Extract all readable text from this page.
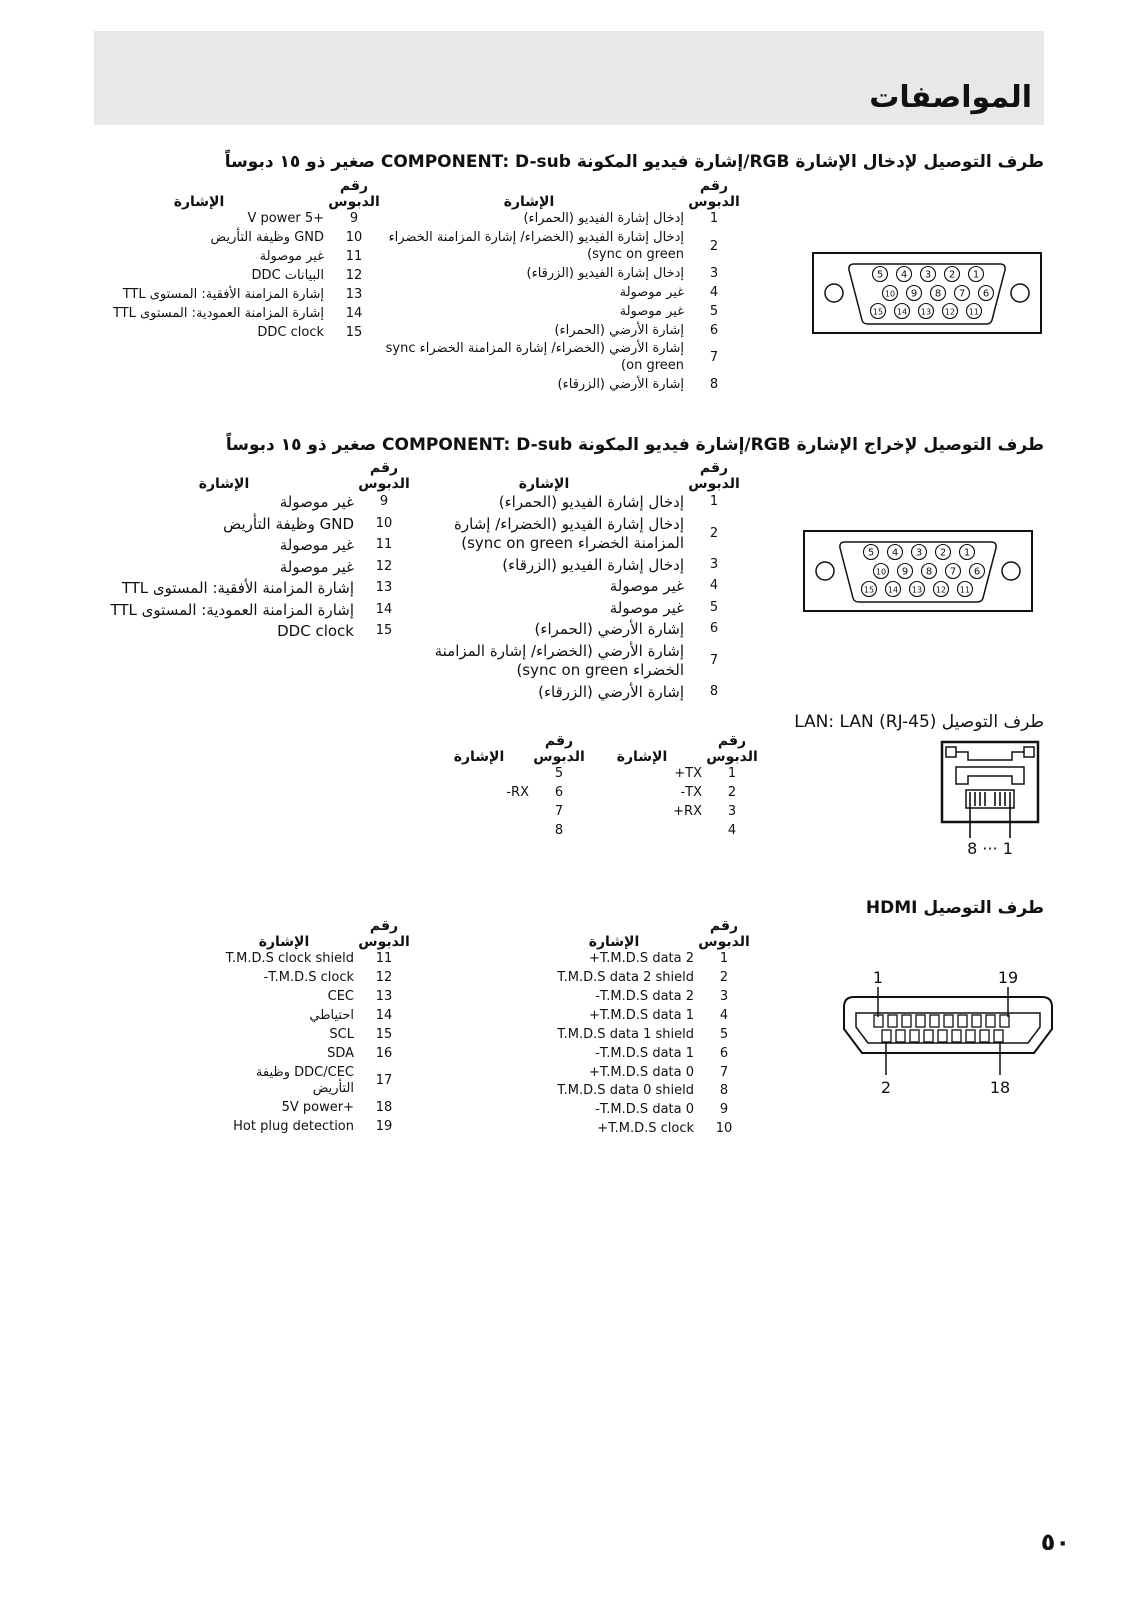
المواصفات
طرف التوصيل لإدخال الإشارة RGB/إشارة فيديو المكونة COMPONENT: D-sub صغير ذو ١٥ دبوساً
رقم
الدبوس	الإشارة
1	إدخال إشارة الفيديو (الحمراء)
2	إدخال إشارة الفيديو (الخضراء/ إشارة المزامنة الخضراء sync on green)
3	إدخال إشارة الفيديو (الزرقاء)
4	غير موصولة
5	غير موصولة
6	إشارة الأرضي (الحمراء)
7	إشارة الأرضي (الخضراء/ إشارة المزامنة الخضراء sync on green)
8	إشارة الأرضي (الزرقاء)
رقم
الدبوس	الإشارة
9	+5 V power
10	GND وظيفة التأريض
11	غير موصولة
12	البيانات DDC
13	إشارة المزامنة الأفقية: المستوى TTL
14	إشارة المزامنة العمودية: المستوى TTL
15	DDC clock
5 4 3 2 1
10 9 8 7 6
15 14 13 12 11
طرف التوصيل لإخراج الإشارة RGB/إشارة فيديو المكونة COMPONENT: D-sub صغير ذو ١٥ دبوساً
رقم
الدبوس	الإشارة
1	إدخال إشارة الفيديو (الحمراء)
2	إدخال إشارة الفيديو (الخضراء/ إشارة المزامنة الخضراء sync on green)
3	إدخال إشارة الفيديو (الزرقاء)
4	غير موصولة
5	غير موصولة
6	إشارة الأرضي (الحمراء)
7	إشارة الأرضي (الخضراء/ إشارة المزامنة الخضراء sync on green)
8	إشارة الأرضي (الزرقاء)
رقم
الدبوس	الإشارة
9	غير موصولة
10	GND وظيفة التأريض
11	غير موصولة
12	غير موصولة
13	إشارة المزامنة الأفقية: المستوى TTL
14	إشارة المزامنة العمودية: المستوى TTL
15	DDC clock
5 4 3 2 1
10 9 8 7 6
15 14 13 12 11
طرف التوصيل LAN: LAN (RJ-45)
رقم
الدبوس	الإشارة
1	TX+
2	TX-
3	RX+
4	
رقم
الدبوس	الإشارة
5	
6	RX-
7	
8	
8 ··· 1
طرف التوصيل HDMI
رقم
الدبوس	الإشارة
1	T.M.D.S data 2+
2	T.M.D.S data 2 shield
3	T.M.D.S data 2-
4	T.M.D.S data 1+
5	T.M.D.S data 1 shield
6	T.M.D.S data 1-
7	T.M.D.S data 0+
8	T.M.D.S data 0 shield
9	T.M.D.S data 0-
10	T.M.D.S clock+
رقم
الدبوس	الإشارة
11	T.M.D.S clock shield
12	T.M.D.S clock-
13	CEC
14	احتياطي
15	SCL
16	SDA
17	DDC/CEC وظيفة التأريض
18	+5V power
19	Hot plug detection
1	19
2	18
٥٠
